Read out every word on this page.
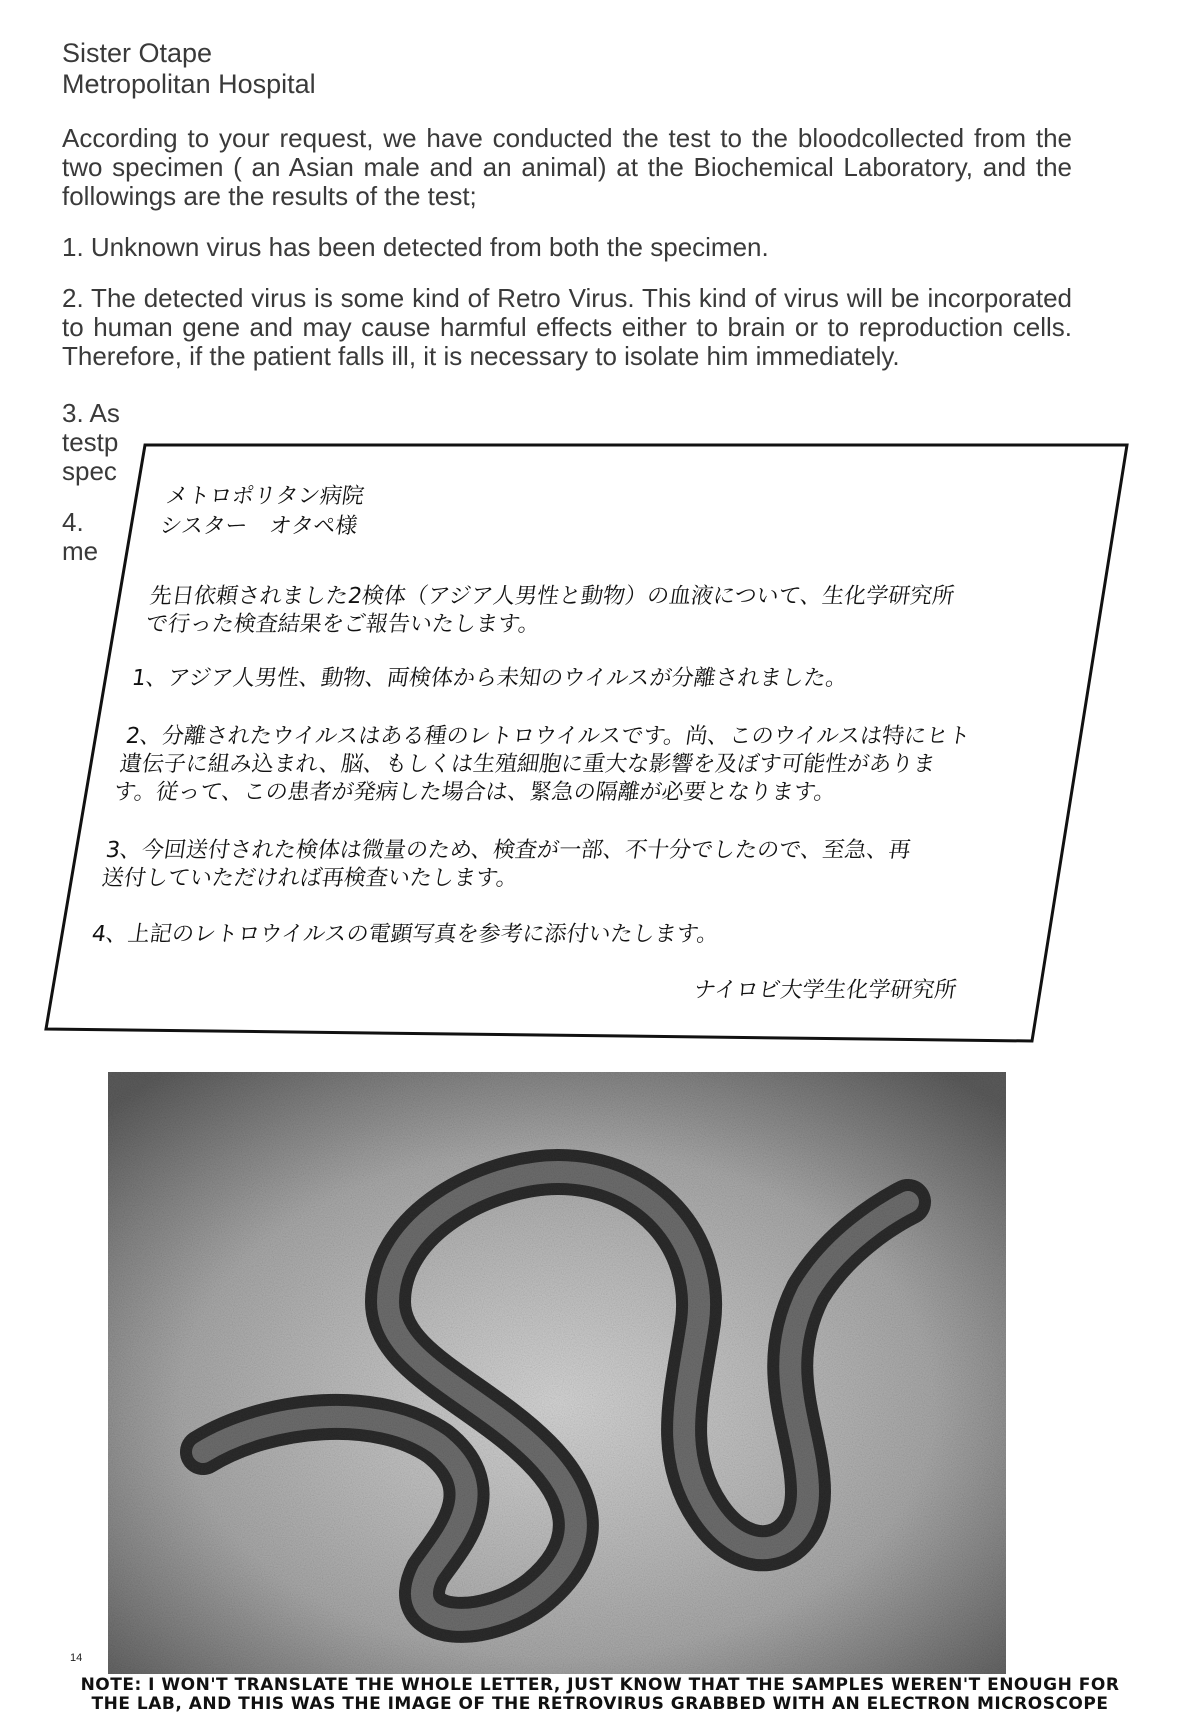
Sister Otape
Metropolitan Hospital

According to your request, we have conducted the test to the bloodcollected from the two specimen ( an Asian male and an animal) at the Biochemical Laboratory, and the followings are the results of the test;

1. Unknown virus has been detected from both the specimen.

2. The detected virus is some kind of Retro Virus. This kind of virus will be incorporated to human gene and may cause harmful effects either to brain or to reproduction cells. Therefore, if the patient falls ill, it is necessary to isolate him immediately.

3. As
testp
spec
4.
me
メトロポリタン病院
シスター　オタペ様
先日依頼されました2検体（アジア人男性と動物）の血液について、生化学研究所
で行った検査結果をご報告いたします。
1、アジア人男性、動物、両検体から未知のウイルスが分離されました。
2、分離されたウイルスはある種のレトロウイルスです。尚、このウイルスは特にヒト
遺伝子に組み込まれ、脳、もしくは生殖細胞に重大な影響を及ぼす可能性がありま
す。従って、この患者が発病した場合は、緊急の隔離が必要となります。
3、今回送付された検体は微量のため、検査が一部、不十分でしたので、至急、再
送付していただければ再検査いたします。
4、上記のレトロウイルスの電顕写真を参考に添付いたします。
ナイロビ大学生化学研究所
14
NOTE: I WON'T TRANSLATE THE WHOLE LETTER, JUST KNOW THAT THE SAMPLES WEREN'T ENOUGH FOR
THE LAB, AND THIS WAS THE IMAGE OF THE RETROVIRUS GRABBED WITH AN ELECTRON MICROSCOPE
